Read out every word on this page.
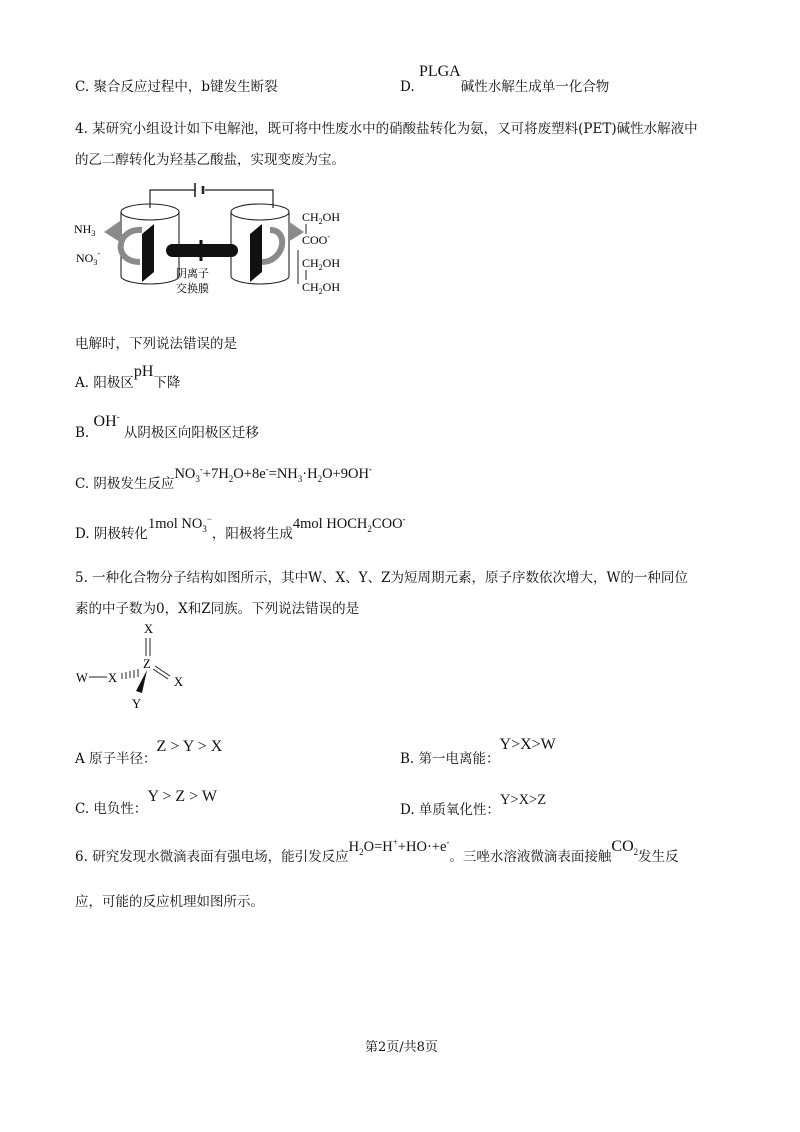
C. 聚合反应过程中，b键发生断裂	D. PLGA碱性水解生成单一化合物
4. 某研究小组设计如下电解池，既可将中性废水中的硝酸盐转化为氨，又可将废塑料(PET)碱性水解液中
的乙二醇转化为羟基乙酸盐，实现变废为宝。
$NH_3$
$NO_3^-$
阴离子
交换膜
$CH_2OH$
COO-
$CH_2OH$
$CH_2OH$
电解时，下列说法错误的是
A. 阳极区pH下降
B. OH- 从阴极区向阳极区迁移
C. 阴极发生反应$NO_3^-+7H_2O+8e^-=NH_3\cdot H_2O+9OH^-$
D. 阴极转化1mol $NO_3^-$，阳极将生成4mol $HOCH_2COO^-$
5. 一种化合物分子结构如图所示，其中W、X、Y、Z为短周期元素，原子序数依次增大，W的一种同位
素的中子数为0，X和Z同族。下列说法错误的是
X
Z
W X	X
Y
A 原子半径：Z > Y > X
B. 第一电离能：Y>X>W
C. 电负性：Y > Z > W
D. 单质氧化性：Y>X>Z
6. 研究发现水微滴表面有强电场，能引发反应$H_2O=H^++HO\cdot+e^-$。三唑水溶液微滴表面接触$CO_2$发生反
应，可能的反应机理如图所示。
第2页/共8页
